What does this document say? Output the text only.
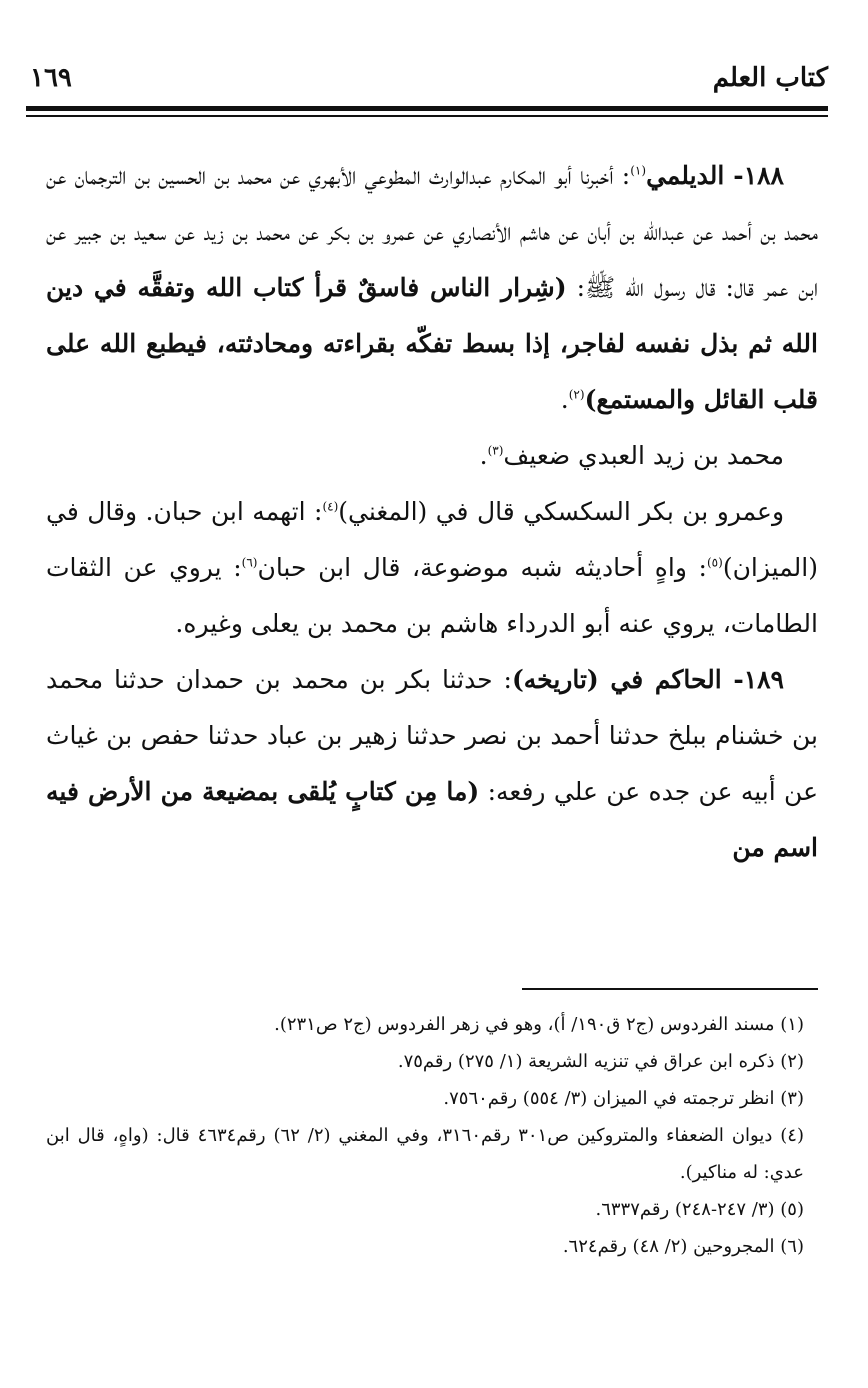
كتاب العلم
١٦٩

١٨٨- الديلمي$^{(١)}$: أخبرنا أبو المكارم عبدالوارث المطوعي الأبهري عن محمد بن الحسين بن الترجمان عن محمد بن أحمد عن عبدالله بن أبان عن هاشم الأنصاري عن عمرو بن بكر عن محمد بن زيد عن سعيد بن جبير عن ابن عمر قال: قال رسول الله ﷺ: (شِرار الناس فاسقٌ قرأ كتاب الله وتفقَّه في دين الله ثم بذل نفسه لفاجر، إذا بسط تفكّه بقراءته ومحادثته، فيطبع الله على قلب القائل والمستمع)$^{(٢)}$.

محمد بن زيد العبدي ضعيف$^{(٣)}$.

وعمرو بن بكر السكسكي قال في (المغني)$^{(٤)}$: اتهمه ابن حبان. وقال في (الميزان)$^{(٥)}$: واهٍ أحاديثه شبه موضوعة، قال ابن حبان$^{(٦)}$: يروي عن الثقات الطامات، يروي عنه أبو الدرداء هاشم بن محمد بن يعلى وغيره.

١٨٩- الحاكم في (تاريخه): حدثنا بكر بن محمد بن حمدان حدثنا محمد بن خشنام ببلخ حدثنا أحمد بن نصر حدثنا زهير بن عباد حدثنا حفص بن غياث عن أبيه عن جده عن علي رفعه: (ما مِن كتابٍ يُلقى بمضيعة من الأرض فيه اسم من

(١) مسند الفردوس (ج٢ ق١٩٠/ أ)، وهو في زهر الفردوس (ج٢ ص٢٣١).

(٢) ذكره ابن عراق في تنزيه الشريعة (١/ ٢٧٥) رقم٧٥.

(٣) انظر ترجمته في الميزان (٣/ ٥٥٤) رقم٧٥٦٠.

(٤) ديوان الضعفاء والمتروكين ص٣٠١ رقم٣١٦٠، وفي المغني (٢/ ٦٢) رقم٤٦٣٤ قال: (واهٍ، قال ابن عدي: له مناكير).

(٥) (٣/ ٢٤٧-٢٤٨) رقم٦٣٣٧.

(٦) المجروحين (٢/ ٤٨) رقم٦٢٤.
